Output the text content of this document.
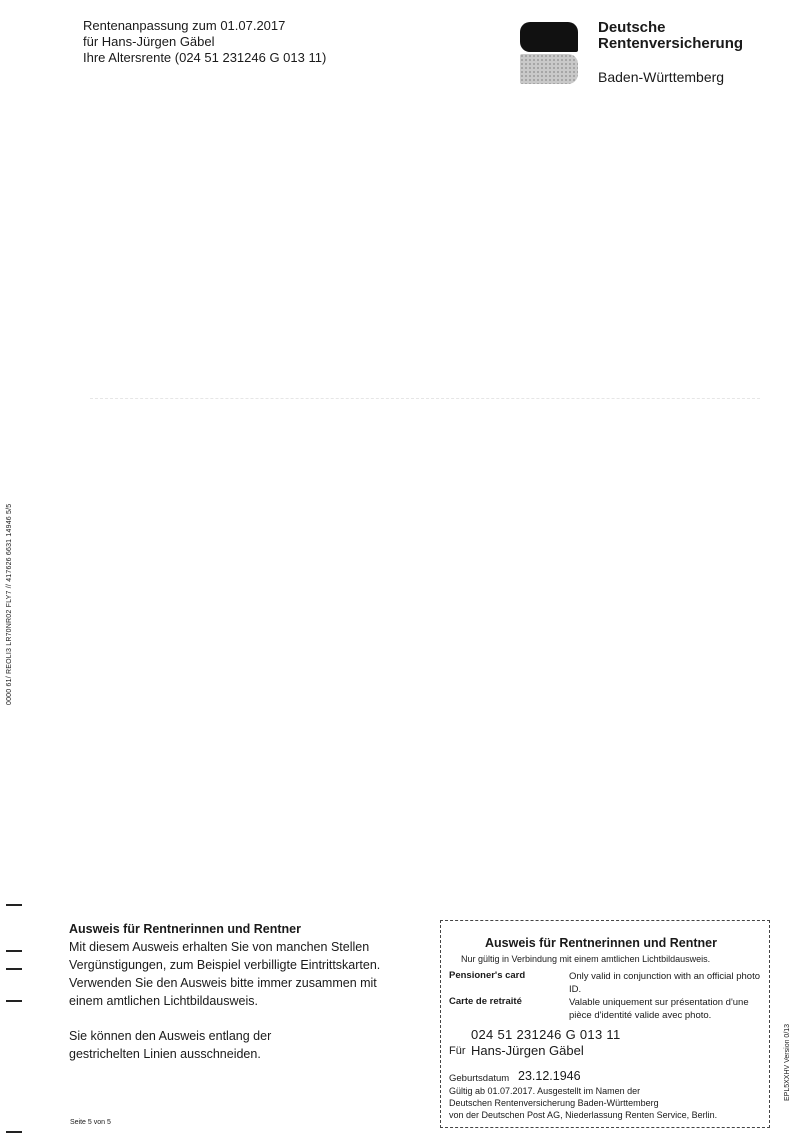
Rentenanpassung zum 01.07.2017
für Hans-Jürgen Gäbel
Ihre Altersrente (024 51 231246 G 013 11)
Deutsche
Rentenversicherung
Baden-Württemberg
0000 61/ REOLI3 LR70NR02 FLY7 // 417626 6631 14946 5/5
Ausweis für Rentnerinnen und Rentner
Mit diesem Ausweis erhalten Sie von manchen Stellen
Vergünstigungen, zum Beispiel verbilligte Eintrittskarten.
Verwenden Sie den Ausweis bitte immer zusammen mit
einem amtlichen Lichtbildausweis.
Sie können den Ausweis entlang der
gestrichelten Linien ausschneiden.
Seite 5 von 5
Ausweis für Rentnerinnen und Rentner
Nur gültig in Verbindung mit einem amtlichen Lichtbildausweis.
Pensioner's card	Only valid in conjunction with an official photo ID.
Carte de retraité	Valable uniquement sur présentation d'une pièce d'identité valide avec photo.
024 51 231246 G 013 11
Für Hans-Jürgen Gäbel
Geburtsdatum 23.12.1946
Gültig ab 01.07.2017. Ausgestellt im Namen der
Deutschen Rentenversicherung Baden-Württemberg
von der Deutschen Post AG, Niederlassung Renten Service, Berlin.
EPL5XXHV Version 0/13
